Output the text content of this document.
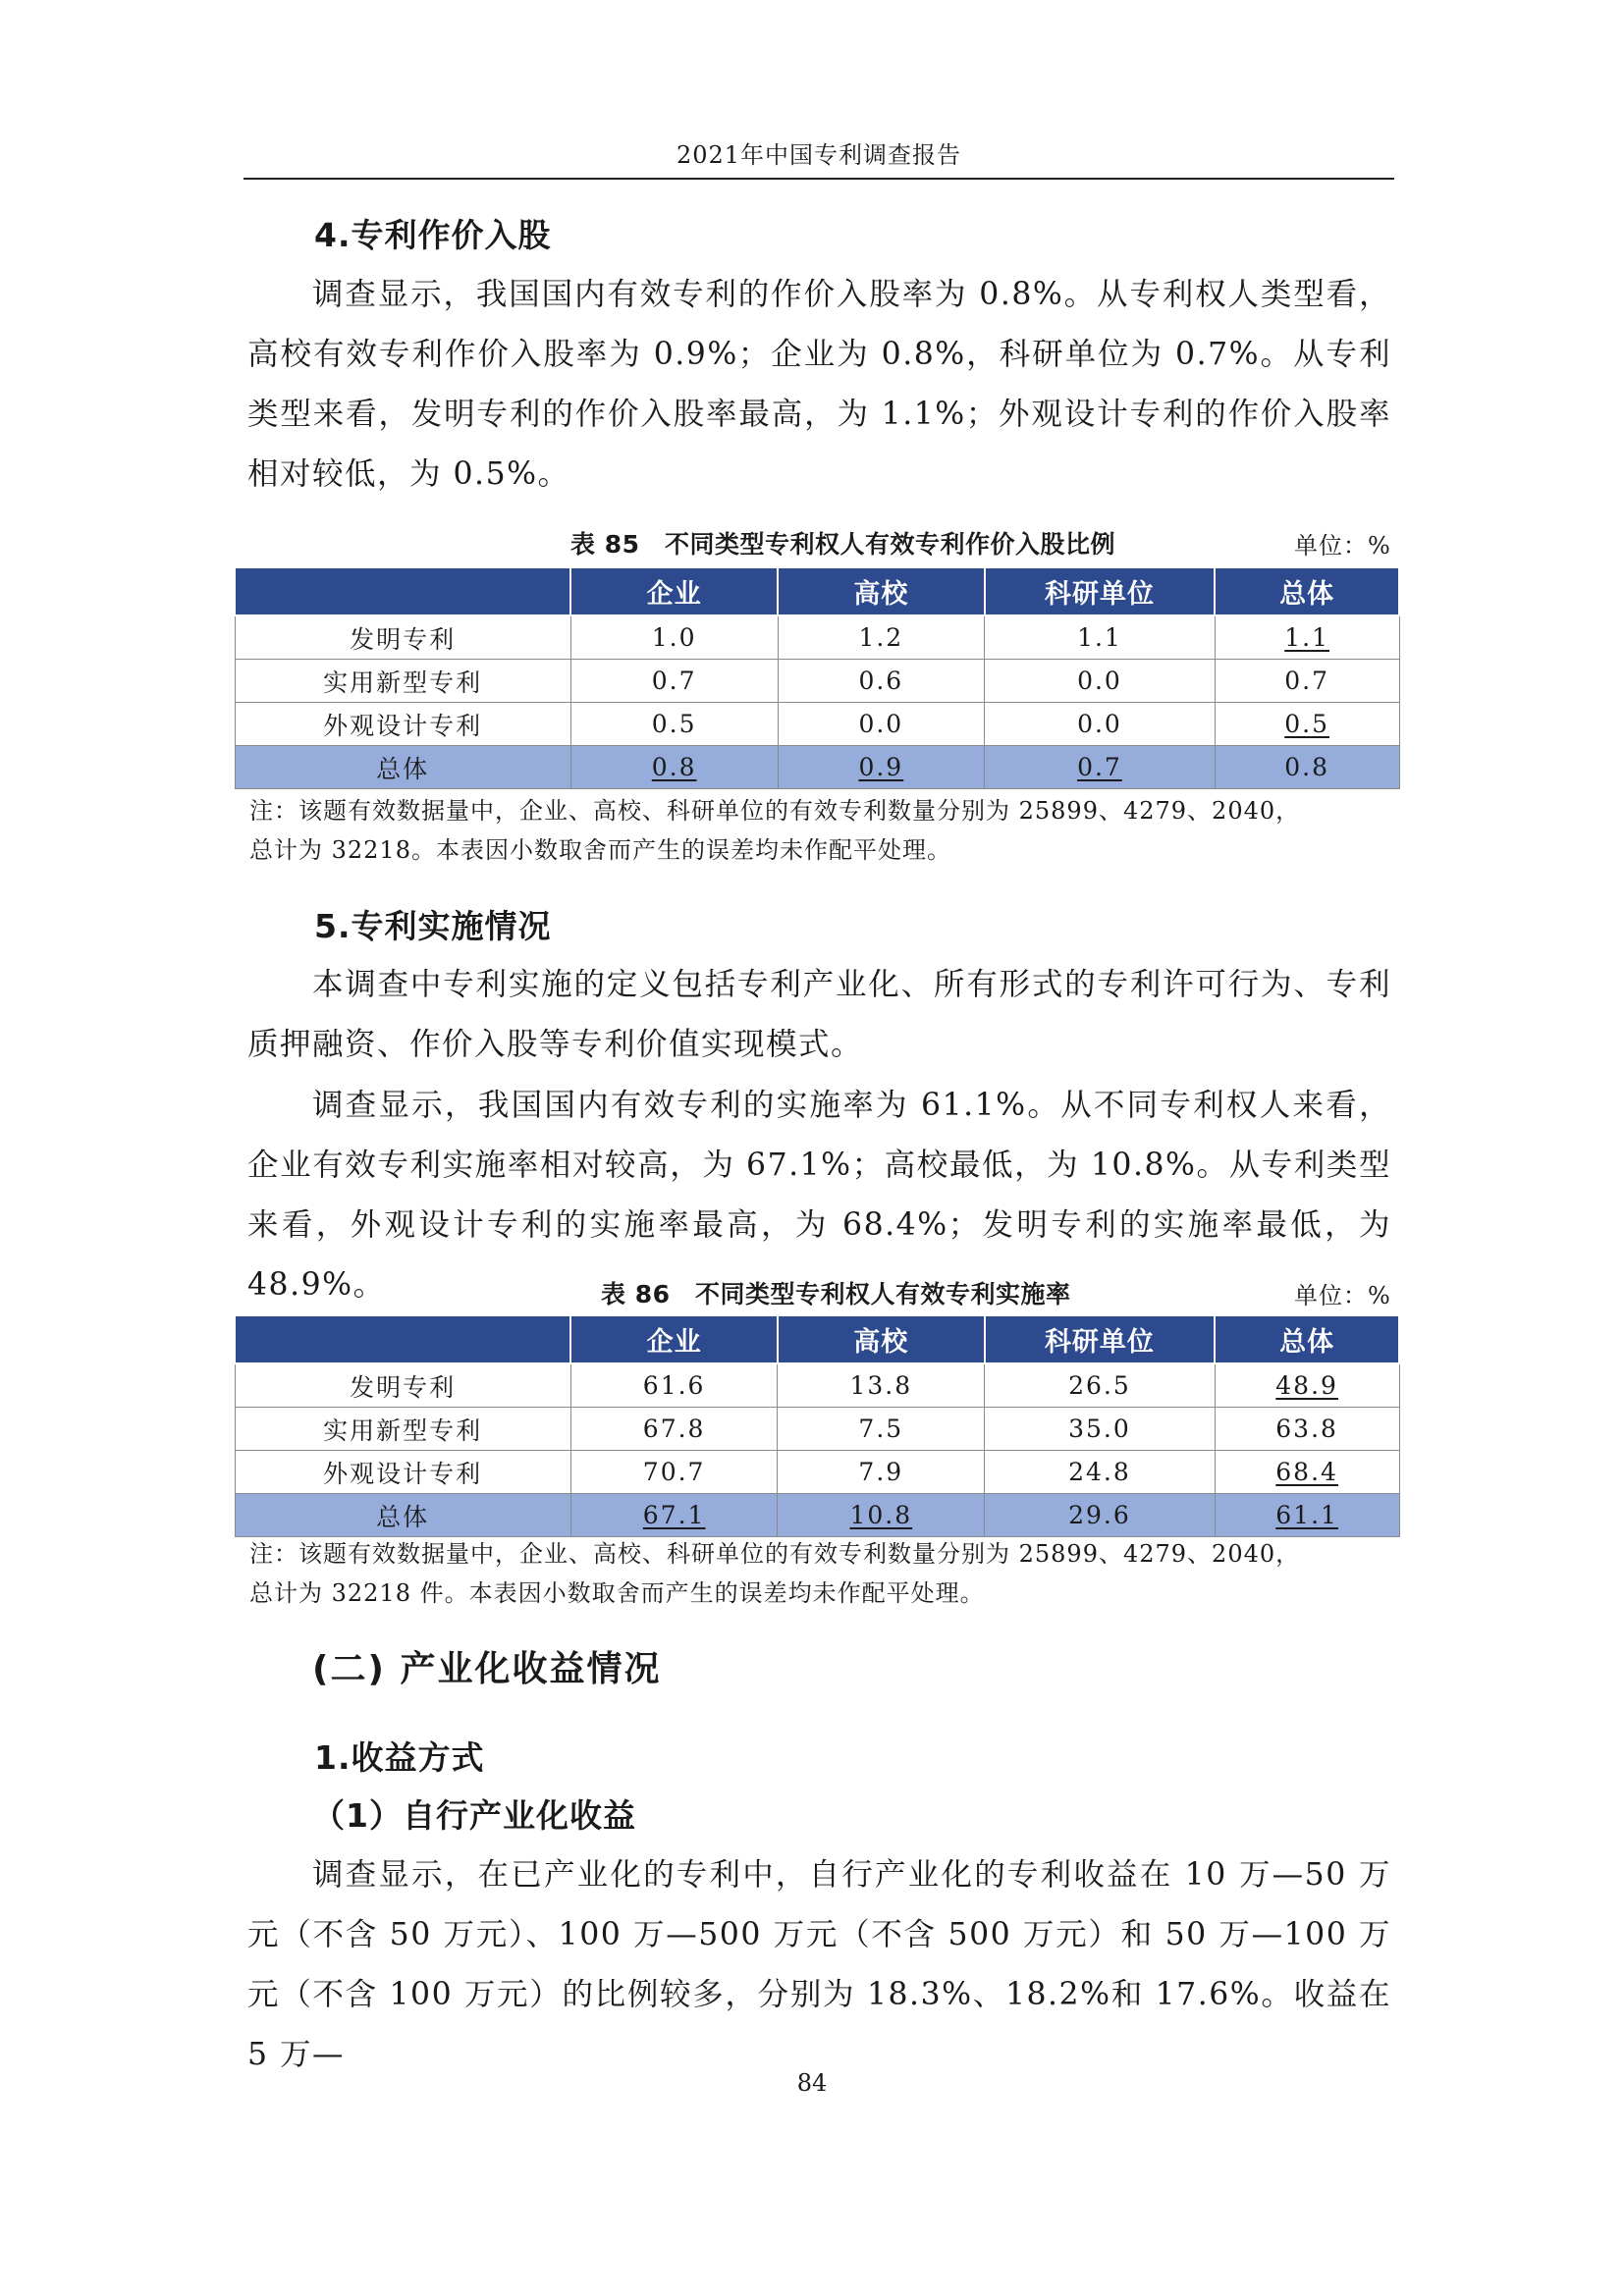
2021年中国专利调查报告
4.专利作价入股
调查显示，我国国内有效专利的作价入股率为 0.8%。从专利权人类型看，高校有效专利作价入股率为 0.9%；企业为 0.8%，科研单位为 0.7%。从专利类型来看，发明专利的作价入股率最高，为 1.1%；外观设计专利的作价入股率相对较低，为 0.5%。
表 85　不同类型专利权人有效专利作价入股比例	单位：%
	企业	高校	科研单位	总体
发明专利	1.0	1.2	1.1	1.1
实用新型专利	0.7	0.6	0.0	0.7
外观设计专利	0.5	0.0	0.0	0.5
总体	0.8	0.9	0.7	0.8
注：该题有效数据量中，企业、高校、科研单位的有效专利数量分别为 25899、4279、2040，
总计为 32218。本表因小数取舍而产生的误差均未作配平处理。
5.专利实施情况
本调查中专利实施的定义包括专利产业化、所有形式的专利许可行为、专利质押融资、作价入股等专利价值实现模式。
调查显示，我国国内有效专利的实施率为 61.1%。从不同专利权人来看，企业有效专利实施率相对较高，为 67.1%；高校最低，为 10.8%。从专利类型来看，外观设计专利的实施率最高，为 68.4%；发明专利的实施率最低，为 48.9%。	表 86　不同类型专利权人有效专利实施率	单位：%
	企业	高校	科研单位	总体
发明专利	61.6	13.8	26.5	48.9
实用新型专利	67.8	7.5	35.0	63.8
外观设计专利	70.7	7.9	24.8	68.4
总体	67.1	10.8	29.6	61.1
注：该题有效数据量中，企业、高校、科研单位的有效专利数量分别为 25899、4279、2040，
总计为 32218 件。本表因小数取舍而产生的误差均未作配平处理。
(二) 产业化收益情况
1.收益方式
（1）自行产业化收益
调查显示，在已产业化的专利中，自行产业化的专利收益在 10 万—50 万元（不含 50 万元）、100 万—500 万元（不含 500 万元）和 50 万—100 万元（不含 100 万元）的比例较多，分别为 18.3%、18.2%和 17.6%。收益在 5 万—
84
